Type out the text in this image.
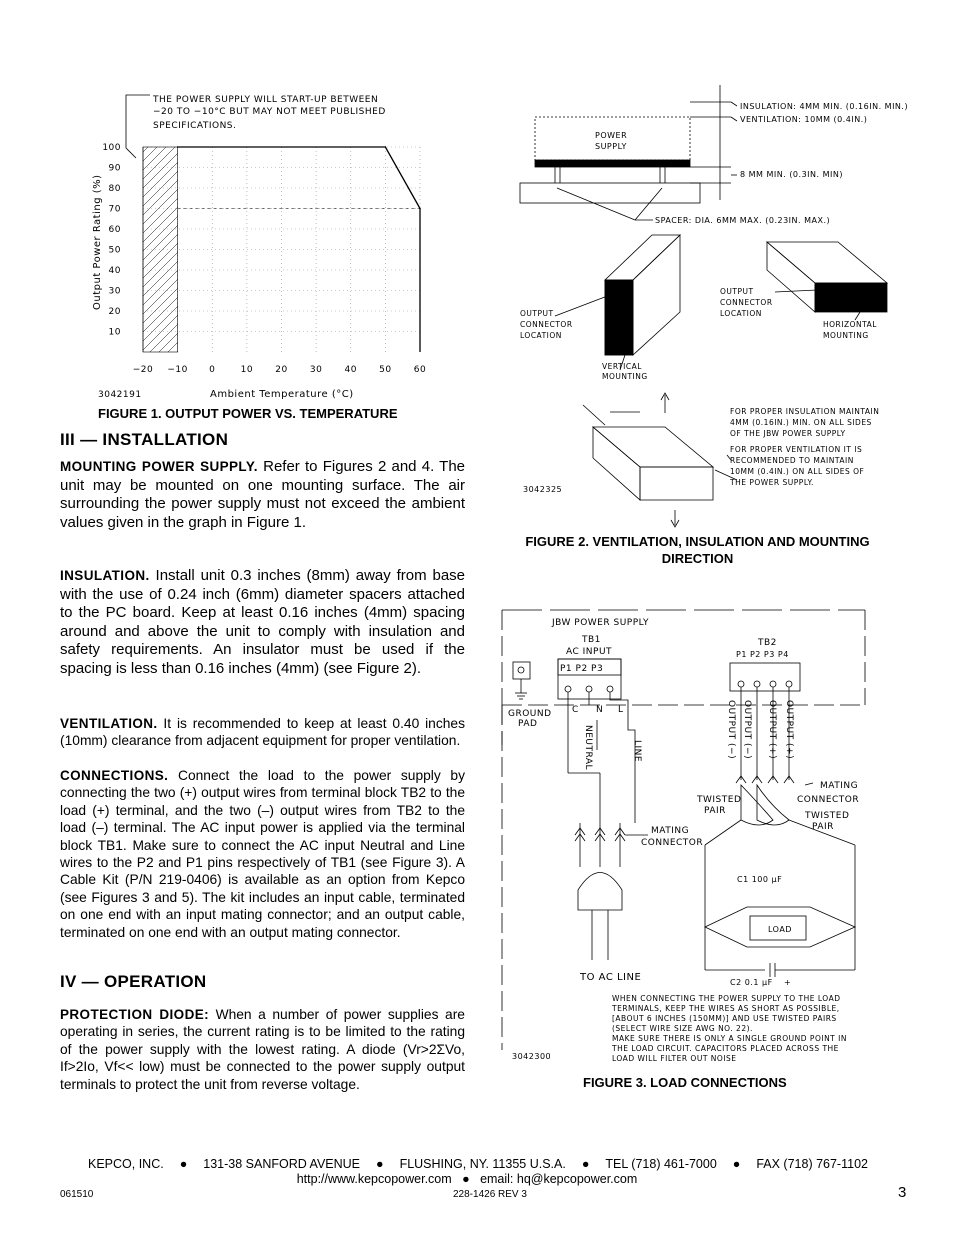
THE POWER SUPPLY WILL START-UP BETWEEN
−20 TO −10°C BUT MAY NOT MEET PUBLISHED
SPECIFICATIONS.
−20 −10 0	10 20 30 40 50 60
100
90
80
70
60
50
40
30
20
10
Output Power Rating (%)
Ambient Temperature (°C)
3042191
FIGURE 1. OUTPUT POWER VS. TEMPERATURE
III — INSTALLATION
MOUNTING POWER SUPPLY. Refer to Figures 2 and 4. The unit may be mounted on one mounting surface. The air surrounding the power supply must not exceed the ambient values given in the graph in Figure 1.
INSULATION. Install unit 0.3 inches (8mm) away from base with the use of 0.24 inch (6mm) diameter spacers attached to the PC board. Keep at least 0.16 inches (4mm) spacing around and above the unit to comply with insulation and safety requirements. An insulator must be used if the spacing is less than 0.16 inches (4mm) (see Figure 2).
VENTILATION. It is recommended to keep at least 0.40 inches (10mm) clearance from adjacent equipment for proper ventilation.
CONNECTIONS. Connect the load to the power supply by connecting the two (+) output wires from terminal block TB2 to the load (+) terminal, and the two (–) output wires from TB2 to the load (–) terminal. The AC input power is applied via the terminal block TB1. Make sure to connect the AC input Neutral and Line wires to the P2 and P1 pins respectively of TB1 (see Figure 3). A Cable Kit (P/N 219-0406) is available as an option from Kepco (see Figures 3 and 5). The kit includes an input cable, terminated on one end with an input mating connector; and an output cable, terminated on one end with an output mating connector.
IV — OPERATION
PROTECTION DIODE: When a number of power supplies are operating in series, the current rating is to be limited to the rating of the power supply with the lowest rating. A diode (Vr>2ΣVo, If>2Io, Vf<< low) must be connected to the power supply output terminals to protect the unit from reverse voltage.
INSULATION: 4MM MIN. (0.16IN. MIN.)
VENTILATION: 10MM (0.4IN.)
POWER
SUPPLY
8 MM MIN. (0.3IN. MIN)
SPACER: DIA. 6MM MAX. (0.23IN. MAX.)
OUTPUT
CONNECTOR
LOCATION
VERTICAL
MOUNTING
OUTPUT
CONNECTOR
LOCATION
HORIZONTAL
MOUNTING
FOR PROPER INSULATION MAINTAIN
4MM (0.16IN.) MIN. ON ALL SIDES
OF THE JBW POWER SUPPLY
FOR PROPER VENTILATION IT IS
RECOMMENDED TO MAINTAIN
10MM (0.4IN.) ON ALL SIDES OF
THE POWER SUPPLY.
3042325
FIGURE 2. VENTILATION, INSULATION AND MOUNTING
DIRECTION
JBW POWER SUPPLY
TB1
AC INPUT
P1 P2 P3
GROUND
PAD
TB2
P1 P2 P3 P4
C N L
NEUTRAL	LINE
MATING
CONNECTOR
TO AC LINE
OUTPUT (−) OUTPUT (−) OUTPUT (+) OUTPUT (+)
MATING
CONNECTOR
TWISTED
PAIR	TWISTED
PAIR
C1 100 µF
LOAD
C2 0.1 µF +
WHEN CONNECTING THE POWER SUPPLY TO THE LOAD
TERMINALS, KEEP THE WIRES AS SHORT AS POSSIBLE,
[ABOUT 6 INCHES (150MM)] AND USE TWISTED PAIRS
(SELECT WIRE SIZE AWG NO. 22).
MAKE SURE THERE IS ONLY A SINGLE GROUND POINT IN
THE LOAD CIRCUIT. CAPACITORS PLACED ACROSS THE
LOAD WILL FILTER OUT NOISE
3042300
FIGURE 3. LOAD CONNECTIONS
KEPCO, INC. ● 131-38 SANFORD AVENUE ● FLUSHING, NY. 11355 U.S.A. ● TEL (718) 461-7000 ● FAX (718) 767-1102
http://www.kepcopower.com ● email: hq@kepcopower.com
061510	228-1426 REV 3	3
